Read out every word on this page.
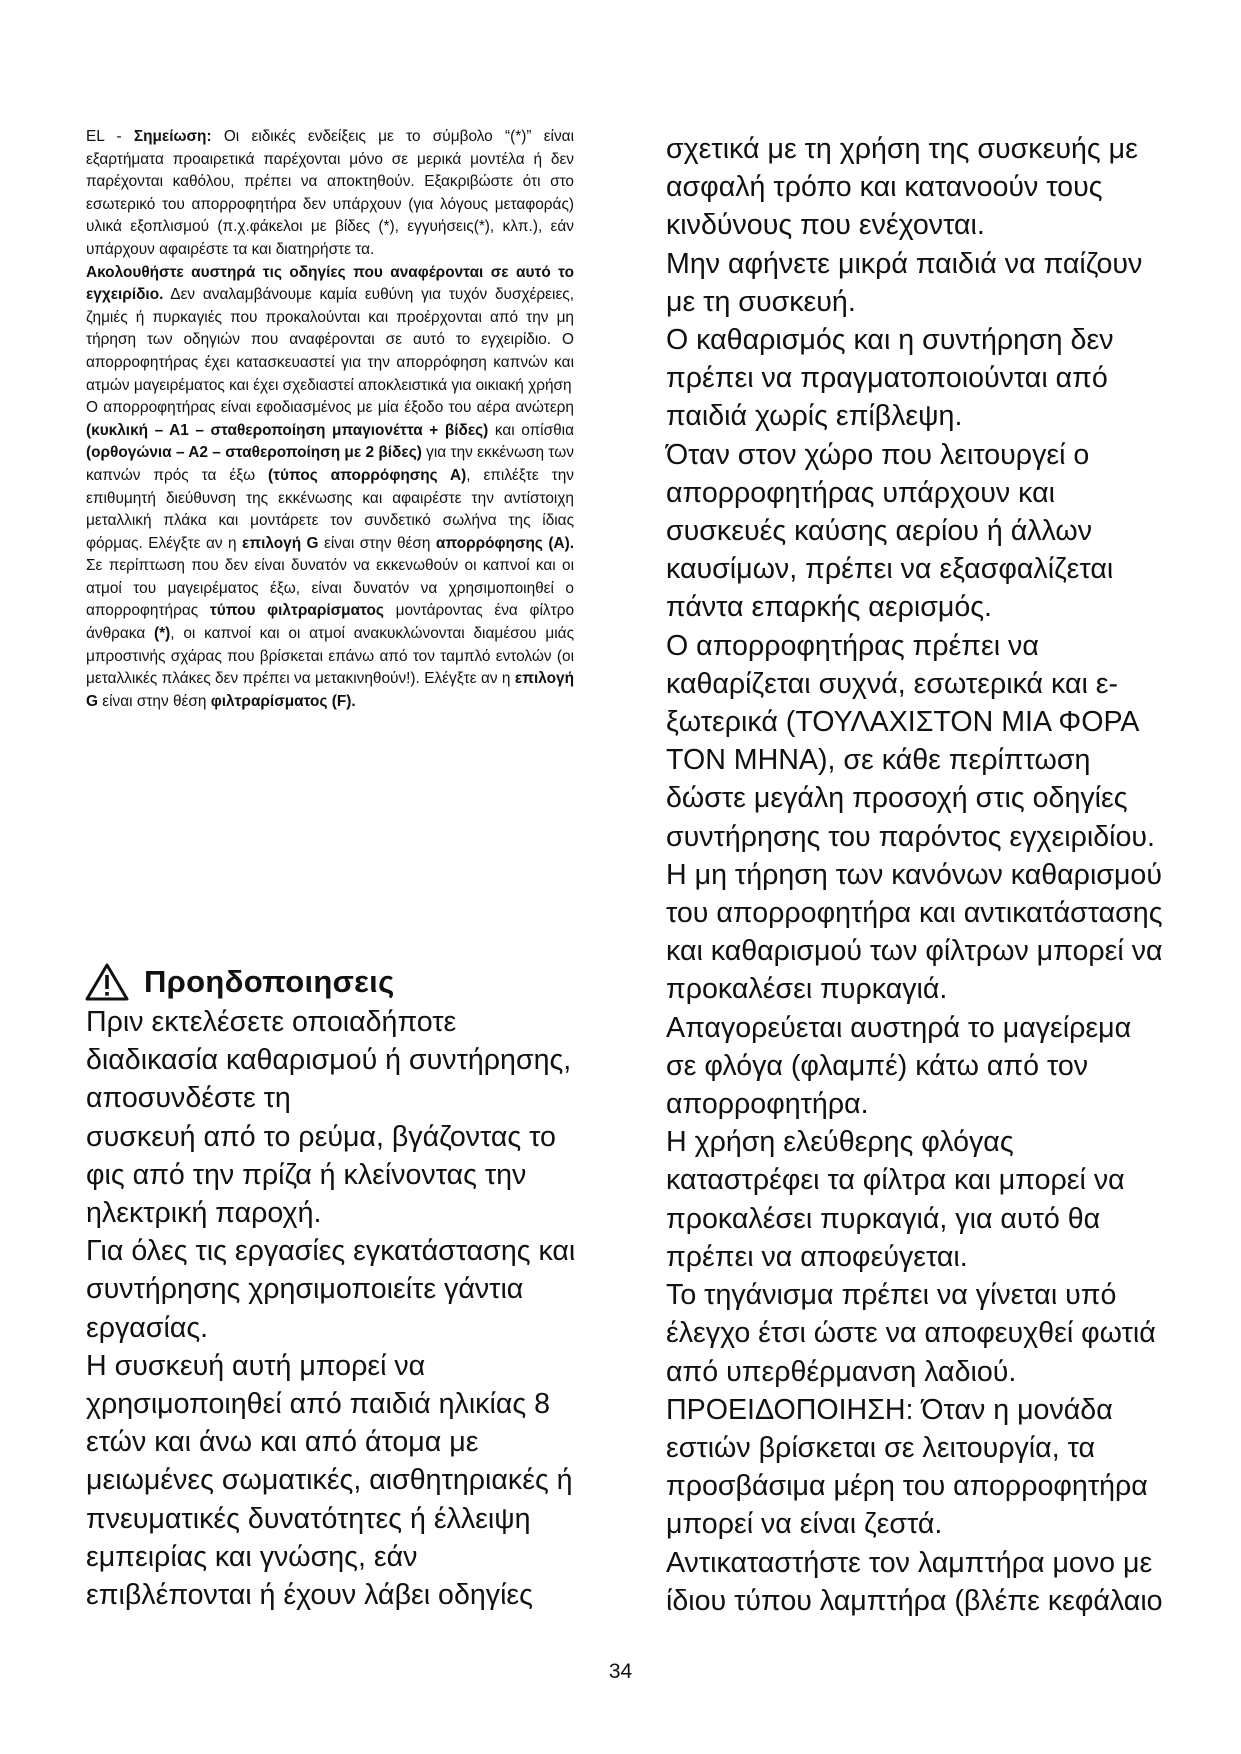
EL - Σημείωση: Οι ειδικές ενδείξεις με το σύμβολο “(*)” είναι εξαρτήματα προαιρετικά παρέχονται μόνο σε μερικά μοντέλα ή δεν παρέχονται καθόλου, πρέπει να αποκτηθούν. Εξακριβώστε ότι στο εσωτερικό του απορροφητήρα δεν υπάρχουν (για λόγους μεταφοράς) υλικά εξοπλισμού (π.χ.φάκελοι με βίδες (*), εγγυήσεις(*), κλπ.), εάν υπάρχουν αφαιρέστε τα και διατηρήστε τα.

Ακολουθήστε αυστηρά τις οδηγίες που αναφέρονται σε αυτό το εγχειρίδιο. Δεν αναλαμβάνουμε καμία ευθύνη για τυχόν δυσχέρειες, ζημιές ή πυρκαγιές που προκαλούνται και προέρχονται από την μη τήρηση των οδηγιών που αναφέρονται σε αυτό το εγχειρίδιο. Ο απορροφητήρας έχει κατασκευαστεί για την απορρόφηση καπνών και ατμών μαγειρέματος και έχει σχεδιαστεί αποκλειστικά για οικιακή χρήση

Ο απορροφητήρας είναι εφοδιασμένος με μία έξοδο του αέρα ανώτερη (κυκλική – Α1 – σταθεροποίηση μπαγιονέττα + βίδες) και οπίσθια (ορθογώνια – Α2 – σταθεροποίηση με 2 βίδες) για την εκκένωση των καπνών πρός τα έξω (τύπος απορρόφησης Α), επιλέξτε την επιθυμητή διεύθυνση της εκκένωσης και αφαιρέστε την αντίστοιχη μεταλλική πλάκα και μοντάρετε τον συνδετικό σωλήνα της ίδιας φόρμας. Ελέγξτε αν η επιλογή G είναι στην θέση απορρόφησης (Α). Σε περίπτωση που δεν είναι δυνατόν να εκκενωθούν οι καπνοί και οι ατμοί του μαγειρέματος έξω, είναι δυνατόν να χρησιμοποιηθεί ο απορροφητήρας τύπου φιλτραρίσματος μοντάροντας ένα φίλτρο άνθρακα (*), οι καπνοί και οι ατμοί ανακυκλώνονται διαμέσου μιάς μπροστινής σχάρας που βρίσκεται επάνω από τον ταμπλό εντολών (οι μεταλλικές πλάκες δεν πρέπει να μετακινηθούν!). Ελέγξτε αν η επιλογή G είναι στην θέση φιλτραρίσματος (F).

Προηδοποιησεις
Πριν εκτελέσετε οποιαδήποτε
διαδικασία καθαρισμού ή συντήρησης,
αποσυνδέστε τη
συσκευή από το ρεύμα, βγάζοντας το
φις από την πρίζα ή κλείνοντας την
ηλεκτρική παροχή.
Για όλες τις εργασίες εγκατάστασης και
συντήρησης χρησιμοποιείτε γάντια
εργασίας.
Η συσκευή αυτή μπορεί να
χρησιμοποιηθεί από παιδιά ηλικίας 8
ετών και άνω και από άτομα με
μειωμένες σωματικές, αισθητηριακές ή
πνευματικές δυνατότητες ή έλλειψη
εμπειρίας και γνώσης, εάν
επιβλέπονται ή έχουν λάβει οδηγίες
σχετικά με τη χρήση της συσκευής με
ασφαλή τρόπο και κατανοούν τους
κινδύνους που ενέχονται.
Μην αφήνετε μικρά παιδιά να παίζουν
με τη συσκευή.
Ο καθαρισμός και η συντήρηση δεν
πρέπει να πραγματοποιούνται από
παιδιά χωρίς επίβλεψη.
Όταν στον χώρο που λειτουργεί ο
απορροφητήρας υπάρχουν και
συσκευές καύσης αερίου ή άλλων
καυσίμων, πρέπει να εξασφαλίζεται
πάντα επαρκής αερισμός.
Ο απορροφητήρας πρέπει να
καθαρίζεται συχνά, εσωτερικά και ε-
ξωτερικά (ΤΟΥΛΑΧΙΣΤΟΝ ΜΙΑ ΦΟΡΑ
ΤΟΝ ΜΗΝΑ), σε κάθε περίπτωση
δώστε μεγάλη προσοχή στις οδηγίες
συντήρησης του παρόντος εγχειριδίου.
Η μη τήρηση των κανόνων καθαρισμού
του απορροφητήρα και αντικατάστασης
και καθαρισμού των φίλτρων μπορεί να
προκαλέσει πυρκαγιά.
Απαγορεύεται αυστηρά το μαγείρεμα
σε φλόγα (φλαμπέ) κάτω από τον
απορροφητήρα.
Η χρήση ελεύθερης φλόγας
καταστρέφει τα φίλτρα και μπορεί να
προκαλέσει πυρκαγιά, για αυτό θα
πρέπει να αποφεύγεται.
Το τηγάνισμα πρέπει να γίνεται υπό
έλεγχο έτσι ώστε να αποφευχθεί φωτιά
από υπερθέρμανση λαδιού.
ΠΡΟΕΙΔΟΠΟΙΗΣΗ: Όταν η μονάδα
εστιών βρίσκεται σε λειτουργία, τα
προσβάσιμα μέρη του απορροφητήρα
μπορεί να είναι ζεστά.
Αντικαταστήστε τον λαμπτήρα μονο με
ίδιου τύπου λαμπτήρα (βλέπε κεφάλαιο
34
